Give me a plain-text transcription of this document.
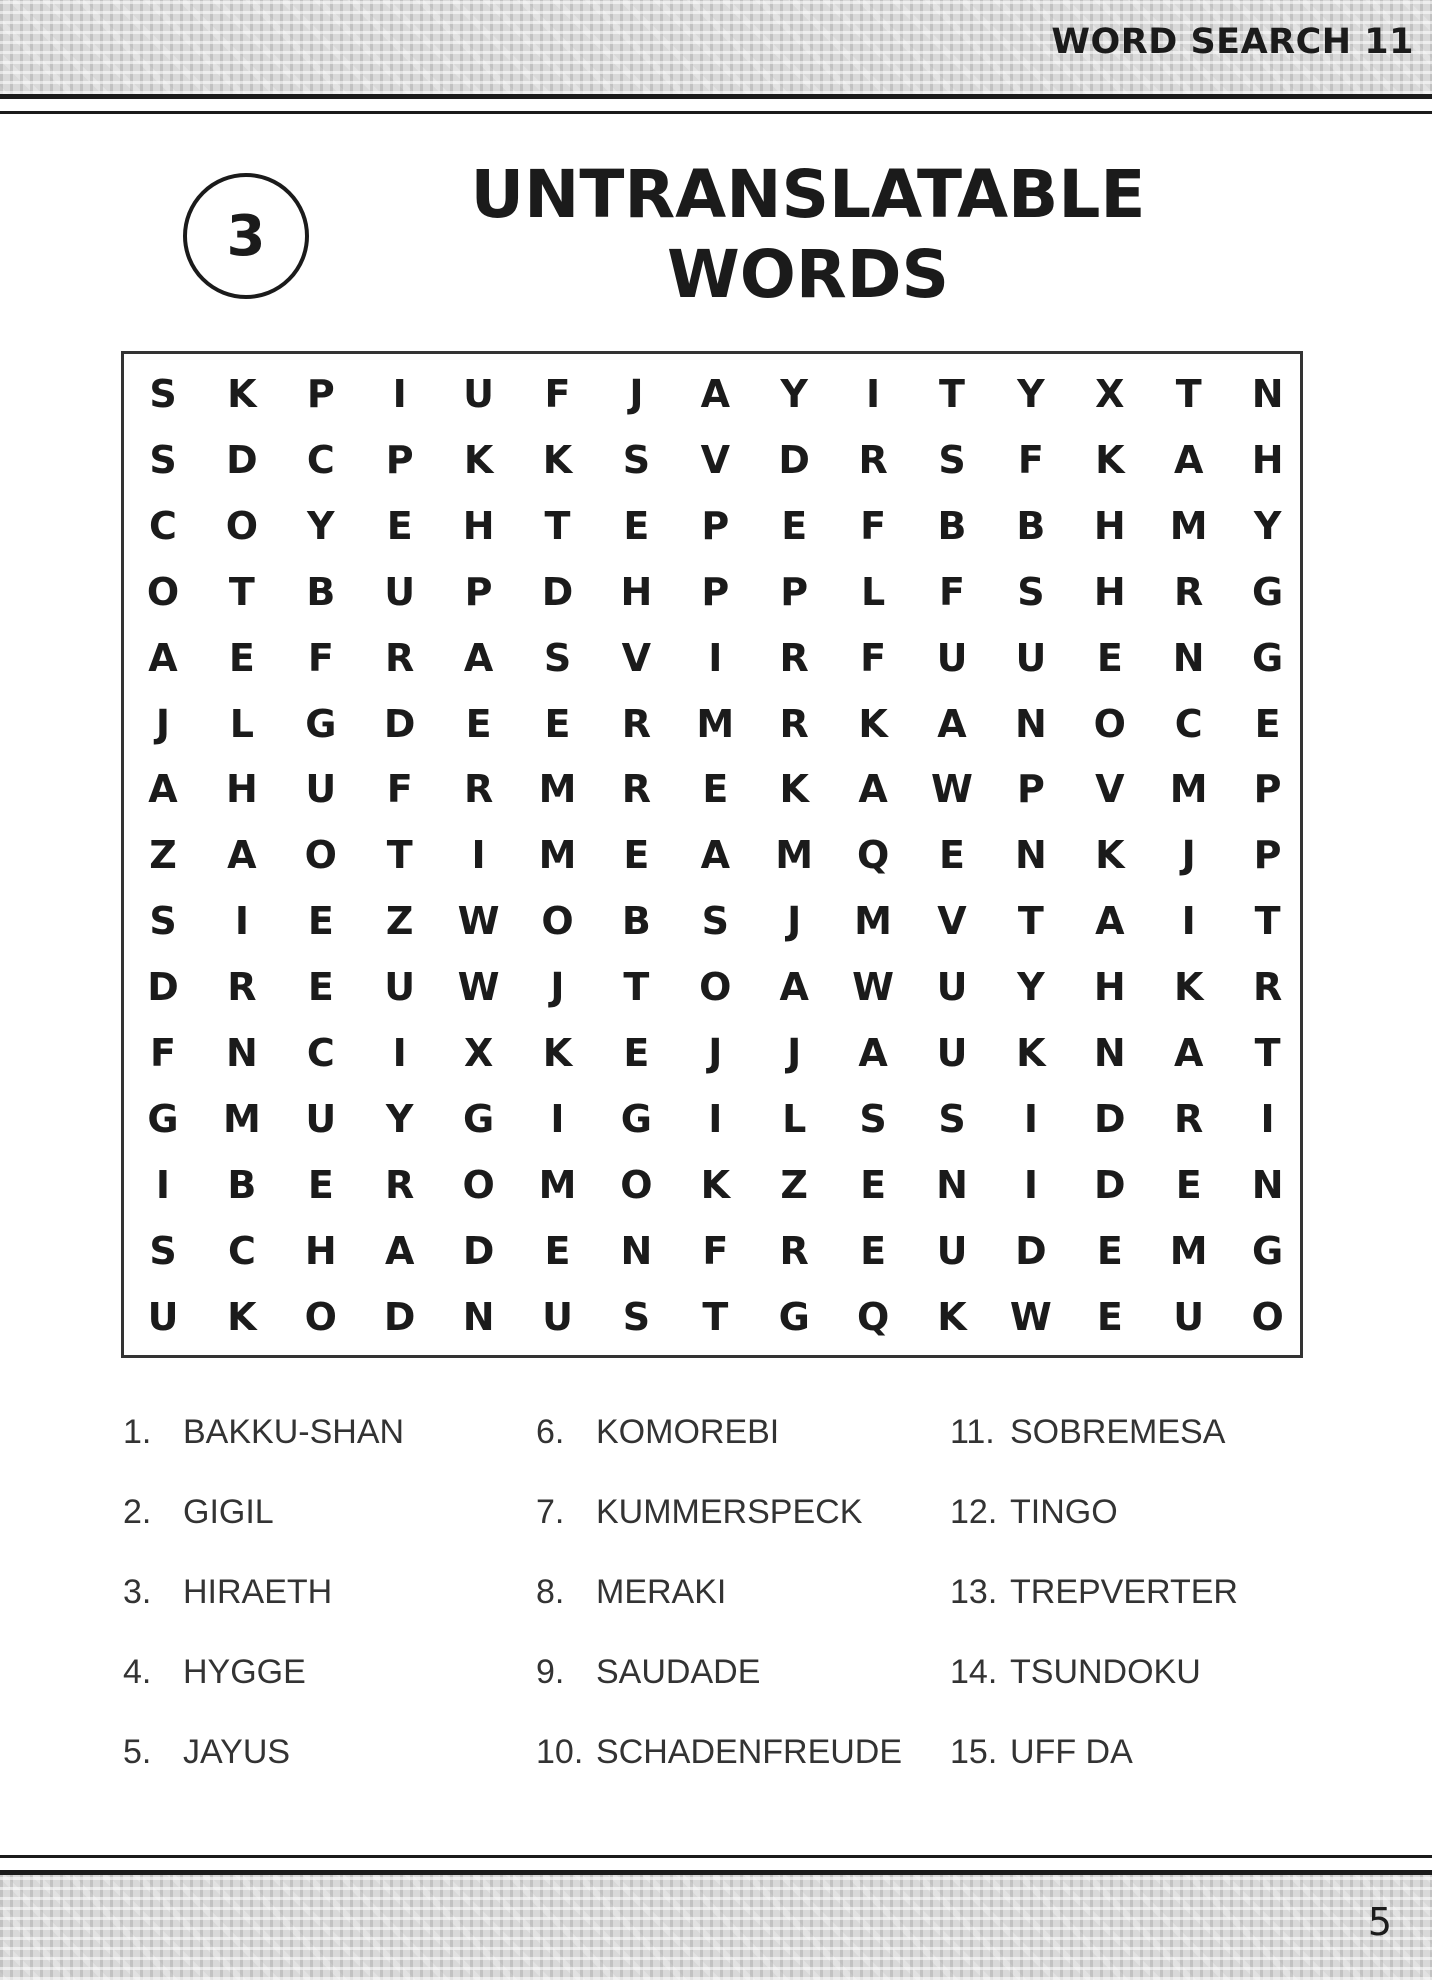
WORD SEARCH 11
3
UNTRANSLATABLE
WORDS
S	K	P	I	U	F	J	A	Y	I	T	Y	X	T	N
S	D	C	P	K	K	S	V	D	R	S	F	K	A	H
C	O	Y	E	H	T	E	P	E	F	B	B	H	M	Y
O	T	B	U	P	D	H	P	P	L	F	S	H	R	G
A	E	F	R	A	S	V	I	R	F	U	U	E	N	G
J	L	G	D	E	E	R	M	R	K	A	N	O	C	E
A	H	U	F	R	M	R	E	K	A	W	P	V	M	P
Z	A	O	T	I	M	E	A	M	Q	E	N	K	J	P
S	I	E	Z	W	O	B	S	J	M	V	T	A	I	T
D	R	E	U	W	J	T	O	A	W	U	Y	H	K	R
F	N	C	I	X	K	E	J	J	A	U	K	N	A	T
G	M	U	Y	G	I	G	I	L	S	S	I	D	R	I
I	B	E	R	O	M	O	K	Z	E	N	I	D	E	N
S	C	H	A	D	E	N	F	R	E	U	D	E	M	G
U	K	O	D	N	U	S	T	G	Q	K	W	E	U	O
1. BAKKU-SHAN
2. GIGIL
3. HIRAETH
4. HYGGE
5. JAYUS
6. KOMOREBI
7. KUMMERSPECK
8. MERAKI
9. SAUDADE
10. SCHADENFREUDE
11. SOBREMESA
12. TINGO
13. TREPVERTER
14. TSUNDOKU
15. UFF DA
5
